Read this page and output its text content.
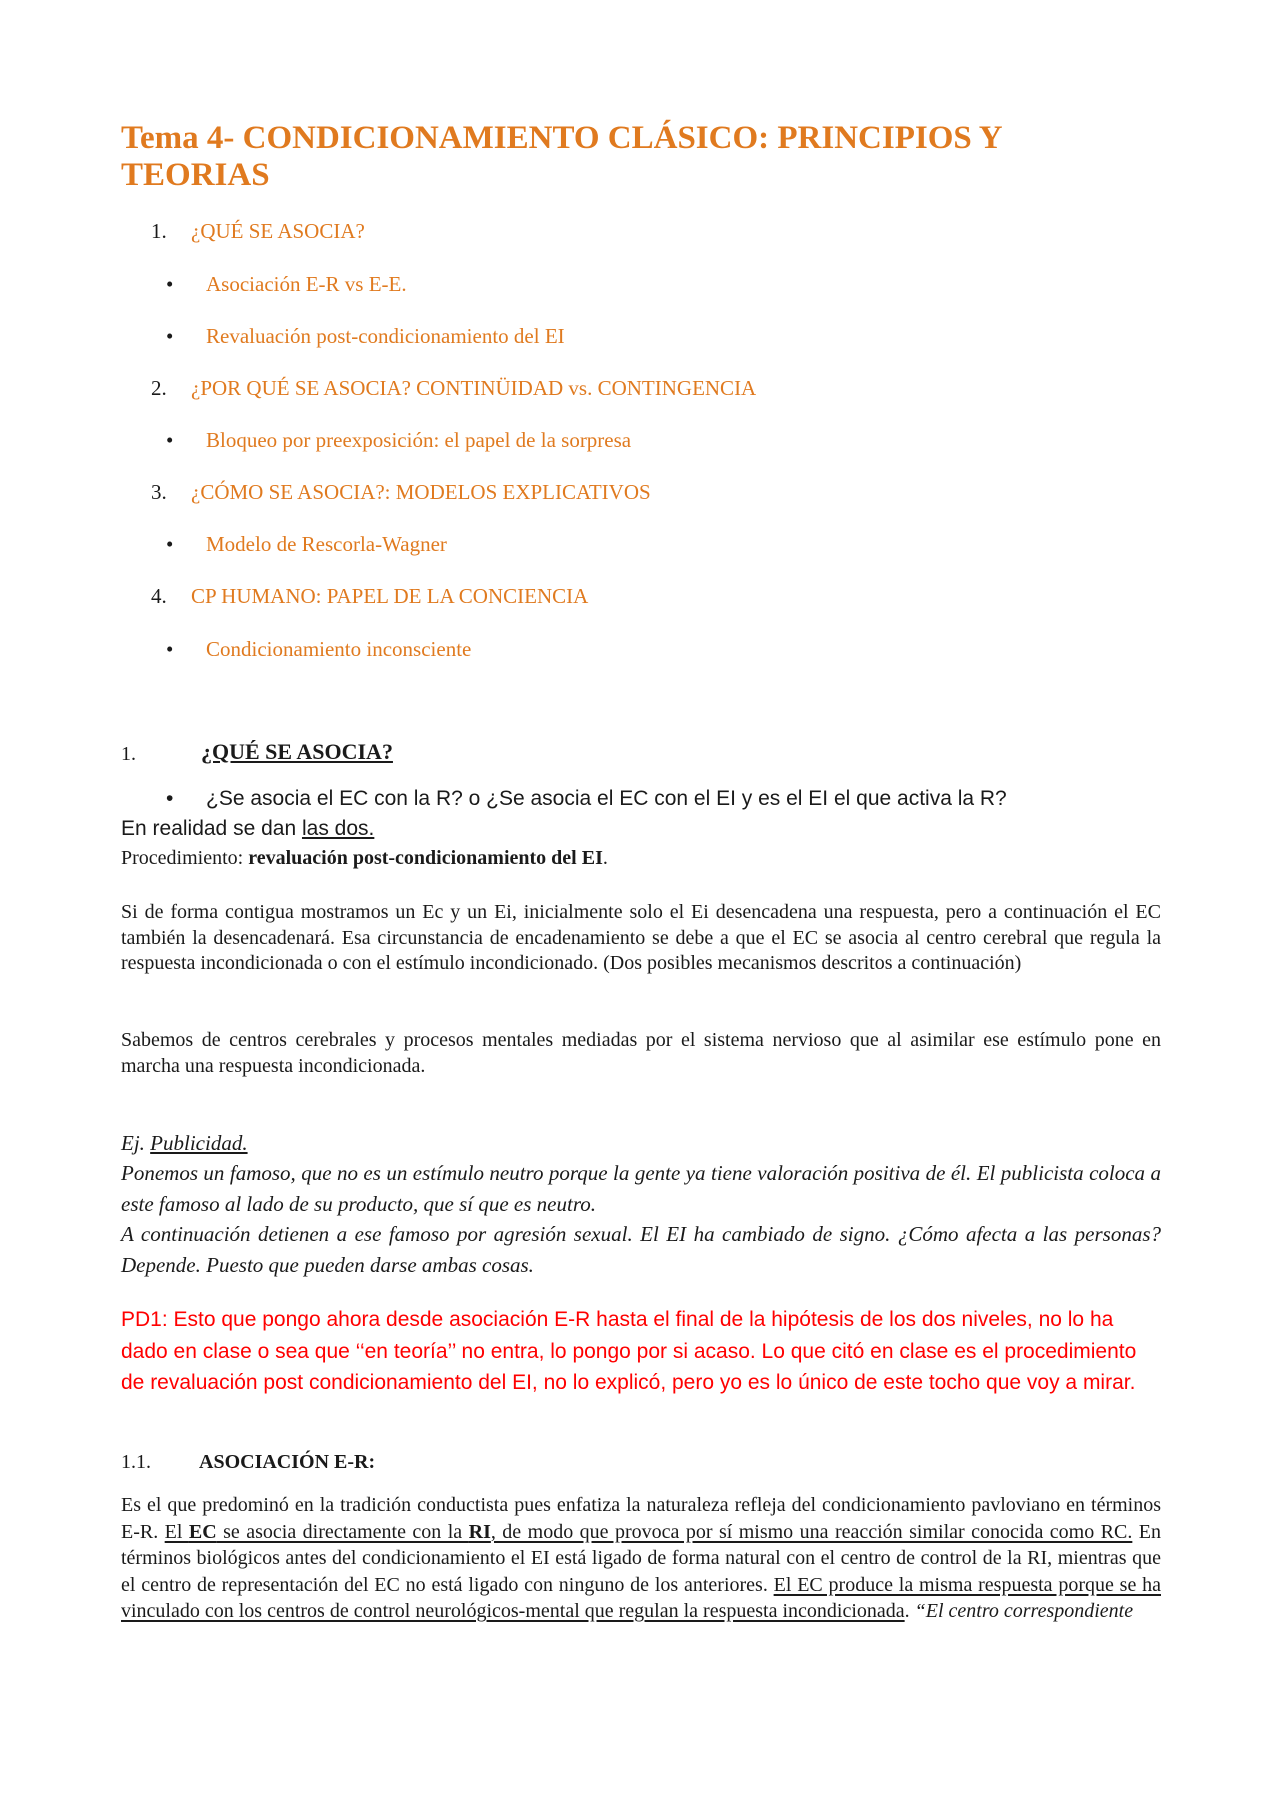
Tema 4- CONDICIONAMIENTO CLÁSICO: PRINCIPIOS Y TEORIAS
1. ¿QUÉ SE ASOCIA?
• Asociación E-R vs E-E.
• Revaluación post-condicionamiento del EI
2. ¿POR QUÉ SE ASOCIA? CONTINÜIDAD vs. CONTINGENCIA
• Bloqueo por preexposición: el papel de la sorpresa
3. ¿CÓMO SE ASOCIA?: MODELOS EXPLICATIVOS
• Modelo de Rescorla-Wagner
4. CP HUMANO: PAPEL DE LA CONCIENCIA
• Condicionamiento inconsciente
1.	¿QUÉ SE ASOCIA?
• ¿Se asocia el EC con la R? o ¿Se asocia el EC con el EI y es el EI el que activa la R?
En realidad se dan las dos.
Procedimiento: revaluación post-condicionamiento del EI.
Si de forma contigua mostramos un Ec y un Ei, inicialmente solo el Ei desencadena una respuesta, pero a continuación el EC también la desencadenará. Esa circunstancia de encadenamiento se debe a que el EC se asocia al centro cerebral que regula la respuesta incondicionada o con el estímulo incondicionado. (Dos posibles mecanismos descritos a continuación)
Sabemos de centros cerebrales y procesos mentales mediadas por el sistema nervioso que al asimilar ese estímulo pone en marcha una respuesta incondicionada.
Ej. Publicidad.
Ponemos un famoso, que no es un estímulo neutro porque la gente ya tiene valoración positiva de él. El publicista coloca a este famoso al lado de su producto, que sí que es neutro.
A continuación detienen a ese famoso por agresión sexual. El EI ha cambiado de signo. ¿Cómo afecta a las personas? Depende. Puesto que pueden darse ambas cosas.
PD1: Esto que pongo ahora desde asociación E-R hasta el final de la hipótesis de los dos niveles, no lo ha dado en clase o sea que ‘‘en teoría’’ no entra, lo pongo por si acaso. Lo que citó en clase es el procedimiento de revaluación post condicionamiento del EI, no lo explicó, pero yo es lo único de este tocho que voy a mirar.
1.1. ASOCIACIÓN E-R:
Es el que predominó en la tradición conductista pues enfatiza la naturaleza refleja del condicionamiento pavloviano en términos E-R. El EC se asocia directamente con la RI, de modo que provoca por sí mismo una reacción similar conocida como RC. En términos biológicos antes del condicionamiento el EI está ligado de forma natural con el centro de control de la RI, mientras que el centro de representación del EC no está ligado con ninguno de los anteriores. El EC produce la misma respuesta porque se ha vinculado con los centros de control neurológicos-mental que regulan la respuesta incondicionada. “El centro correspondiente
